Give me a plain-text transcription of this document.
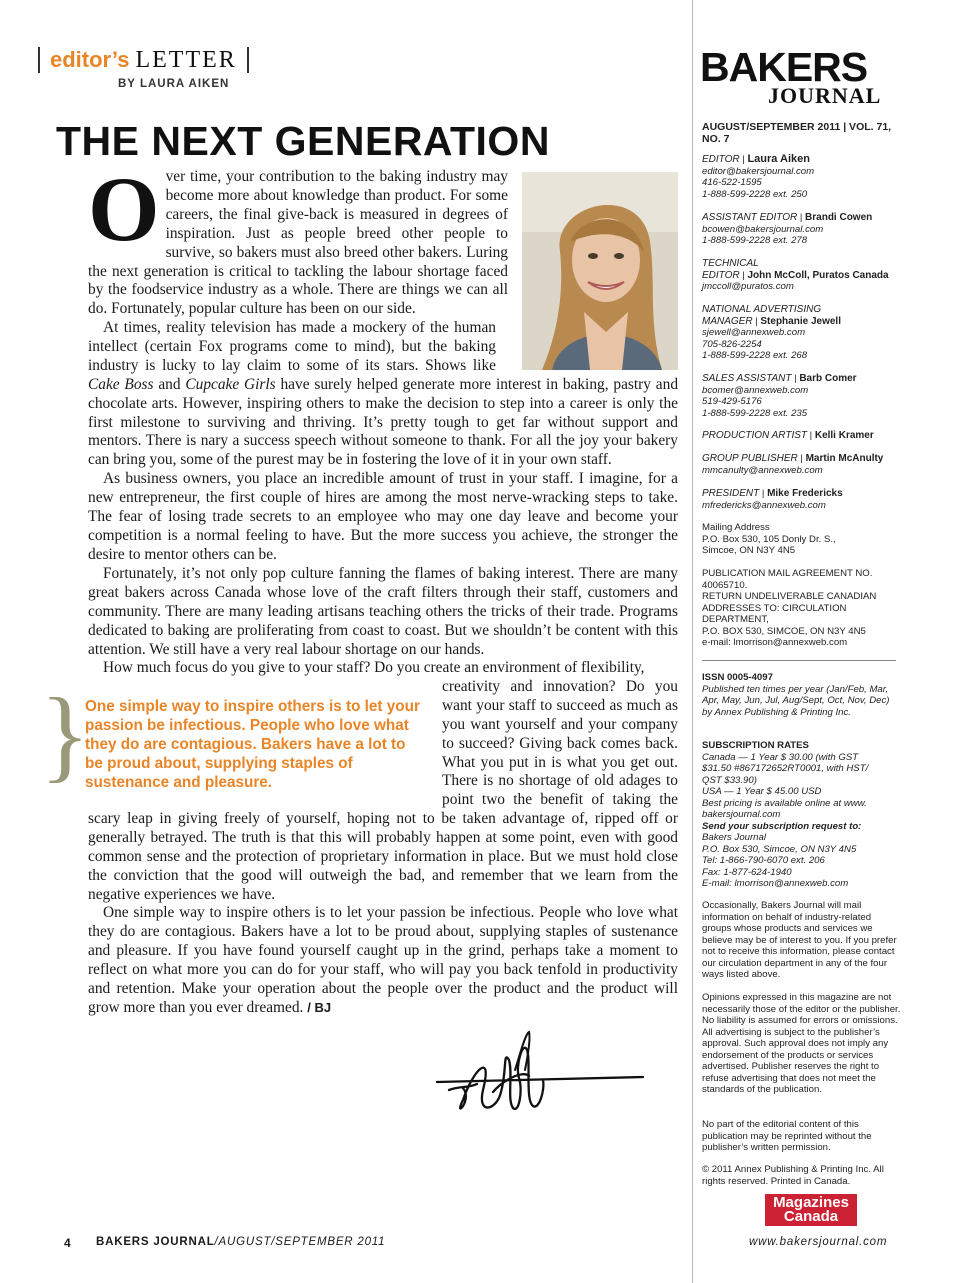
editor’s LETTER
BY LAURA AIKEN
THE NEXT GENERATION

Over time, your contribution to the baking industry may become more about knowledge than product. For some careers, the final give-back is measured in degrees of inspiration. Just as people breed other people to survive, so bakers must also breed other bakers. Luring the next generation is critical to tackling the labour shortage faced by the foodservice industry as a whole. There are things we can all do. Fortunately, popular culture has been on our side.

At times, reality television has made a mockery of the human intellect (certain Fox programs come to mind), but the baking industry is lucky to lay claim to some of its stars. Shows like Cake Boss and Cupcake Girls have surely helped generate more interest in baking, pastry and chocolate arts. However, inspiring others to make the decision to step into a career is only the first milestone to surviving and thriving. It’s pretty tough to get far without support and mentors. There is nary a success speech without someone to thank. For all the joy your bakery can bring you, some of the purest may be in fostering the love of it in your own staff.

As business owners, you place an incredible amount of trust in your staff. I imagine, for a new entrepreneur, the first couple of hires are among the most nerve-wracking steps to take. The fear of losing trade secrets to an employee who may one day leave and become your competition is a normal feeling to have. But the more success you achieve, the stronger the desire to mentor others can be.

Fortunately, it’s not only pop culture fanning the flames of baking interest. There are many great bakers across Canada whose love of the craft filters through their staff, customers and community. There are many leading artisans teaching others the tricks of their trade. Programs dedicated to baking are proliferating from coast to coast. But we shouldn’t be content with this attention. We still have a very real labour shortage on our hands.

How much focus do you give to your staff? Do you create an environment of flexibility,
creativity and innovation? Do you want your staff to succeed as much as you want yourself and your company to succeed? Giving back comes back. What you put in is what you get out. There is no shortage of old adages to point two the benefit of taking the scary leap in giving freely of yourself, hoping not to be taken advantage of, ripped off or generally betrayed. The truth is that this will probably happen at some point, even with good common sense and the protection of proprietary information in place. But we must hold close the conviction that the good will outweigh the bad, and remember that we learn from the negative experiences we have.

}

One simple way to inspire others is to let your passion be infectious. People who love what they do are contagious. Bakers have a lot to be proud about, supplying staples of sustenance and pleasure.

One simple way to inspire others is to let your passion be infectious. People who love what they do are contagious. Bakers have a lot to be proud about, supplying staples of sustenance and pleasure. If you have found yourself caught up in the grind, perhaps take a moment to reflect on what more you can do for your staff, who will pay you back tenfold in productivity and retention. Make your operation about the people over the product and the product will grow more than you ever dreamed. / BJ

4 BAKERS JOURNAL/AUGUST/SEPTEMBER 2011	www.bakersjournal.com
BAKERS
JOURNAL

AUGUST/SEPTEMBER 2011 | VOL. 71, NO. 7

EDITOR | Laura Aiken
editor@bakersjournal.com
416-522-1595
1-888-599-2228 ext. 250
ASSISTANT EDITOR | Brandi Cowen
bcowen@bakersjournal.com
1-888-599-2228 ext. 278
TECHNICAL
EDITOR | John McColl, Puratos Canada
jmccoll@puratos.com
NATIONAL ADVERTISING
MANAGER | Stephanie Jewell
sjewell@annexweb.com
705-826-2254
1-888-599-2228 ext. 268
SALES ASSISTANT | Barb Comer
bcomer@annexweb.com
519-429-5176
1-888-599-2228 ext. 235
PRODUCTION ARTIST | Kelli Kramer
GROUP PUBLISHER | Martin McAnulty
mmcanulty@annexweb.com
PRESIDENT | Mike Fredericks
mfredericks@annexweb.com
Mailing Address
P.O. Box 530, 105 Donly Dr. S.,
Simcoe, ON N3Y 4N5
PUBLICATION MAIL AGREEMENT NO.
40065710.
RETURN UNDELIVERABLE CANADIAN
ADDRESSES TO: CIRCULATION
DEPARTMENT,
P.O. BOX 530, SIMCOE, ON N3Y 4N5
e-mail: lmorrison@annexweb.com
ISSN 0005-4097
Published ten times per year (Jan/Feb, Mar, Apr, May, Jun, Jul, Aug/Sept, Oct, Nov, Dec) by Annex Publishing & Printing Inc.
SUBSCRIPTION RATES
Canada — 1 Year $ 30.00 (with GST
$31.50 #867172652RT0001, with HST/
QST $33.90)
USA — 1 Year $ 45.00 USD
Best pricing is available online at www.
bakersjournal.com
Send your subscription request to:
Bakers Journal
P.O. Box 530, Simcoe, ON N3Y 4N5
Tel: 1-866-790-6070 ext. 206
Fax: 1-877-624-1940
E-mail: lmorrison@annexweb.com

Occasionally, Bakers Journal will mail information on behalf of industry-related groups whose products and services we believe may be of interest to you. If you prefer not to receive this information, please contact our circulation department in any of the four ways listed above.

Opinions expressed in this magazine are not necessarily those of the editor or the publisher. No liability is assumed for errors or omissions. All advertising is subject to the publisher’s approval. Such approval does not imply any endorsement of the products or services advertised. Publisher reserves the right to refuse advertising that does not meet the standards of the publication.

No part of the editorial content of this publication may be reprinted without the publisher’s written permission.

© 2011 Annex Publishing & Printing Inc. All rights reserved. Printed in Canada.

Magazines
Canada
